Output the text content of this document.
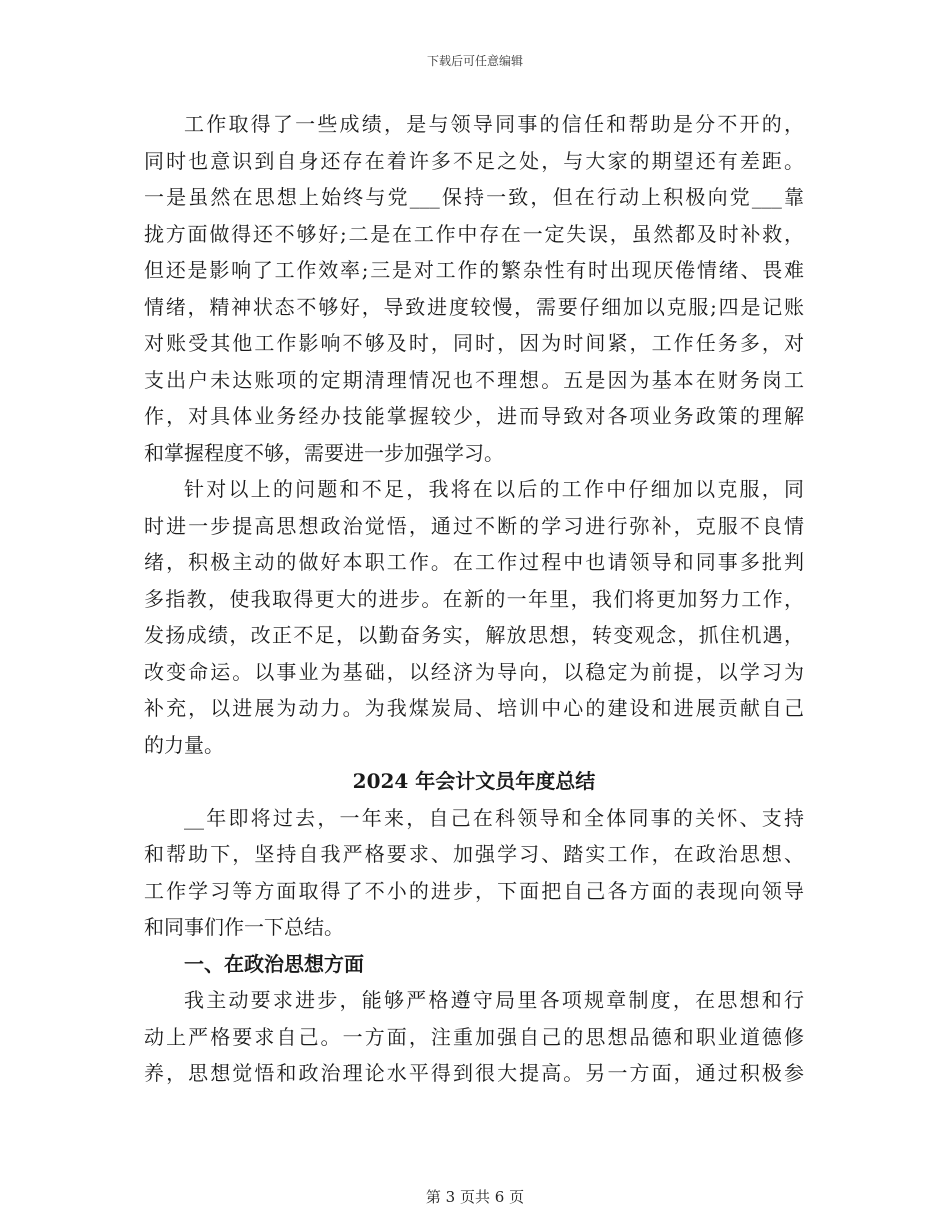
下载后可任意编辑
工作取得了一些成绩，是与领导同事的信任和帮助是分不开的，
同时也意识到自身还存在着许多不足之处，与大家的期望还有差距。
一是虽然在思想上始终与党___保持一致，但在行动上积极向党___靠
拢方面做得还不够好;二是在工作中存在一定失误，虽然都及时补救，
但还是影响了工作效率;三是对工作的繁杂性有时出现厌倦情绪、畏难
情绪，精神状态不够好，导致进度较慢，需要仔细加以克服;四是记账
对账受其他工作影响不够及时，同时，因为时间紧，工作任务多，对
支出户未达账项的定期清理情况也不理想。五是因为基本在财务岗工
作，对具体业务经办技能掌握较少，进而导致对各项业务政策的理解
和掌握程度不够，需要进一步加强学习。
针对以上的问题和不足，我将在以后的工作中仔细加以克服，同
时进一步提高思想政治觉悟，通过不断的学习进行弥补，克服不良情
绪，积极主动的做好本职工作。在工作过程中也请领导和同事多批判
多指教，使我取得更大的进步。在新的一年里，我们将更加努力工作，
发扬成绩，改正不足，以勤奋务实，解放思想，转变观念，抓住机遇，
改变命运。以事业为基础，以经济为导向，以稳定为前提，以学习为
补充，以进展为动力。为我煤炭局、培训中心的建设和进展贡献自己
的力量。
2024 年会计文员年度总结
__年即将过去，一年来，自己在科领导和全体同事的关怀、支持
和帮助下，坚持自我严格要求、加强学习、踏实工作，在政治思想、
工作学习等方面取得了不小的进步，下面把自己各方面的表现向领导
和同事们作一下总结。
一、在政治思想方面
我主动要求进步，能够严格遵守局里各项规章制度，在思想和行
动上严格要求自己。一方面，注重加强自己的思想品德和职业道德修
养，思想觉悟和政治理论水平得到很大提高。另一方面，通过积极参
第 3 页共 6 页
